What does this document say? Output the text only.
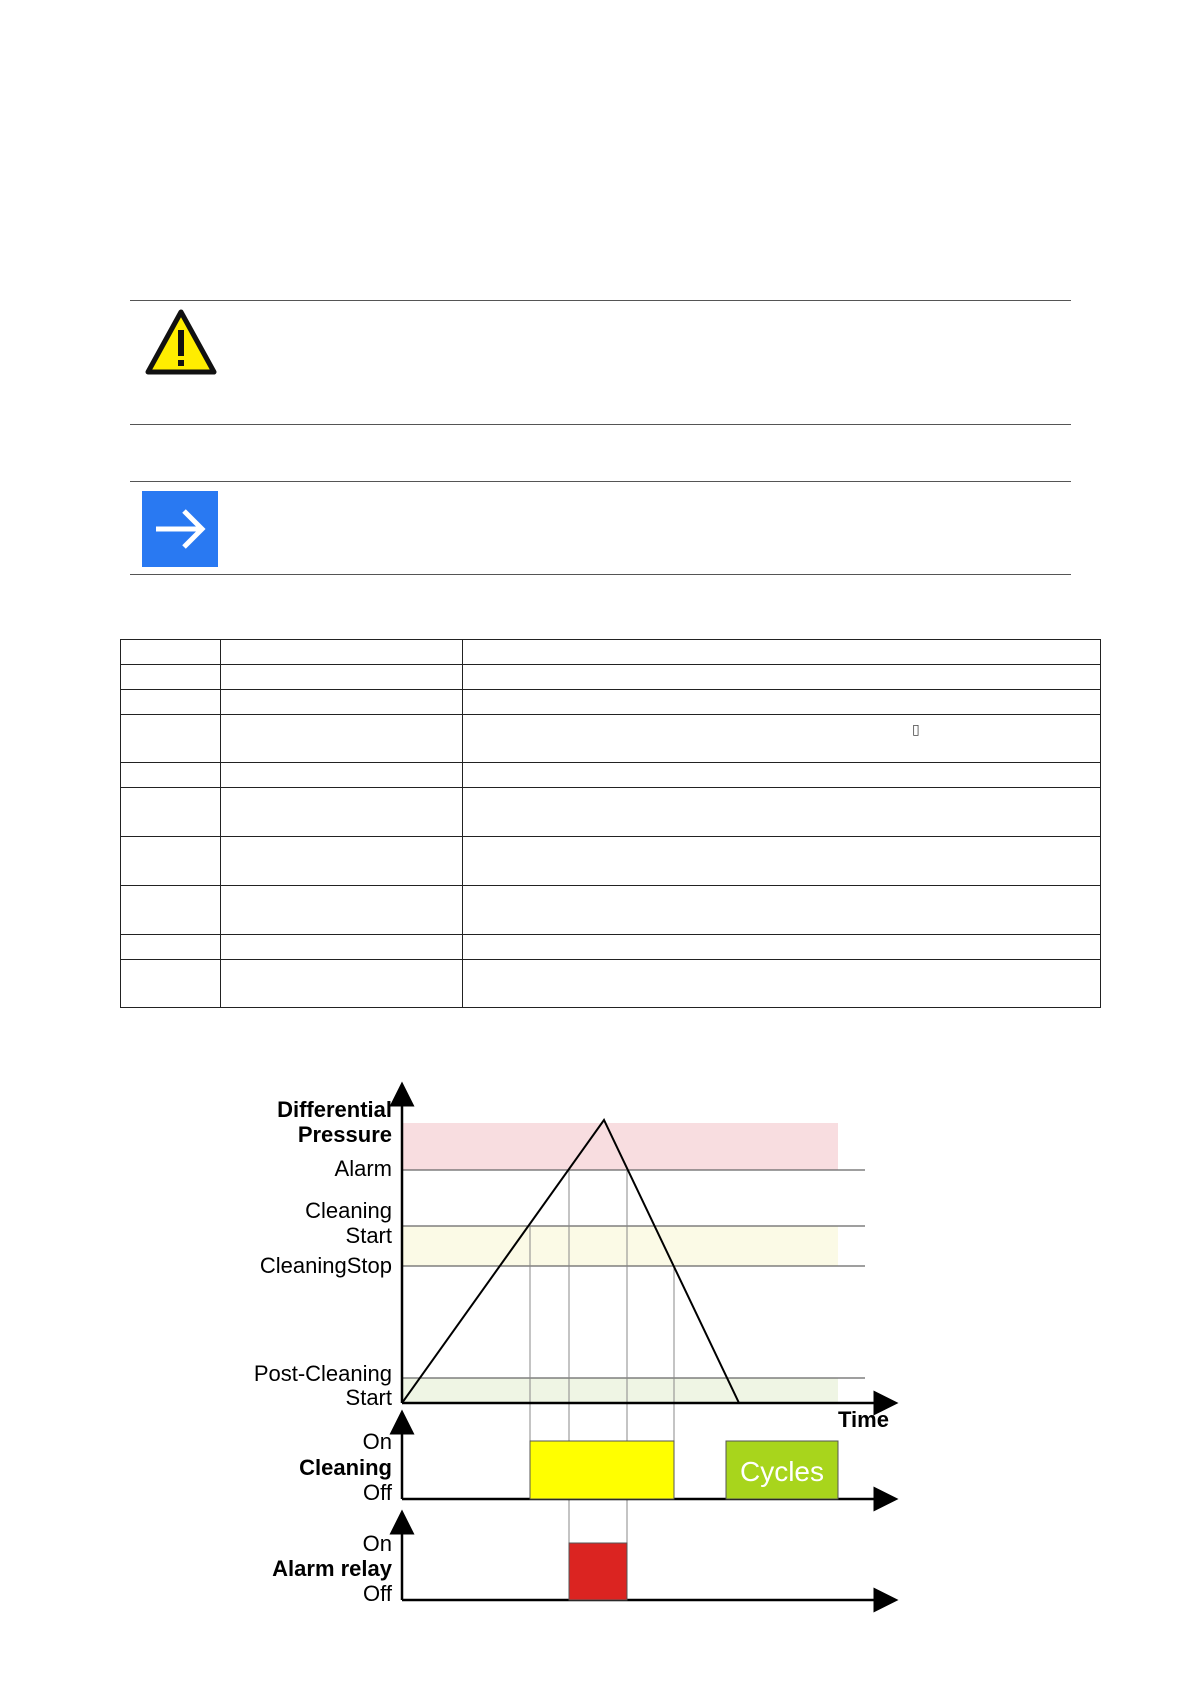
		▯

Cycles
Differential
Pressure
Alarm
Cleaning
Start
CleaningStop
Post-Cleaning
Start
Time
On
Cleaning
Off
On
Alarm relay
Off
